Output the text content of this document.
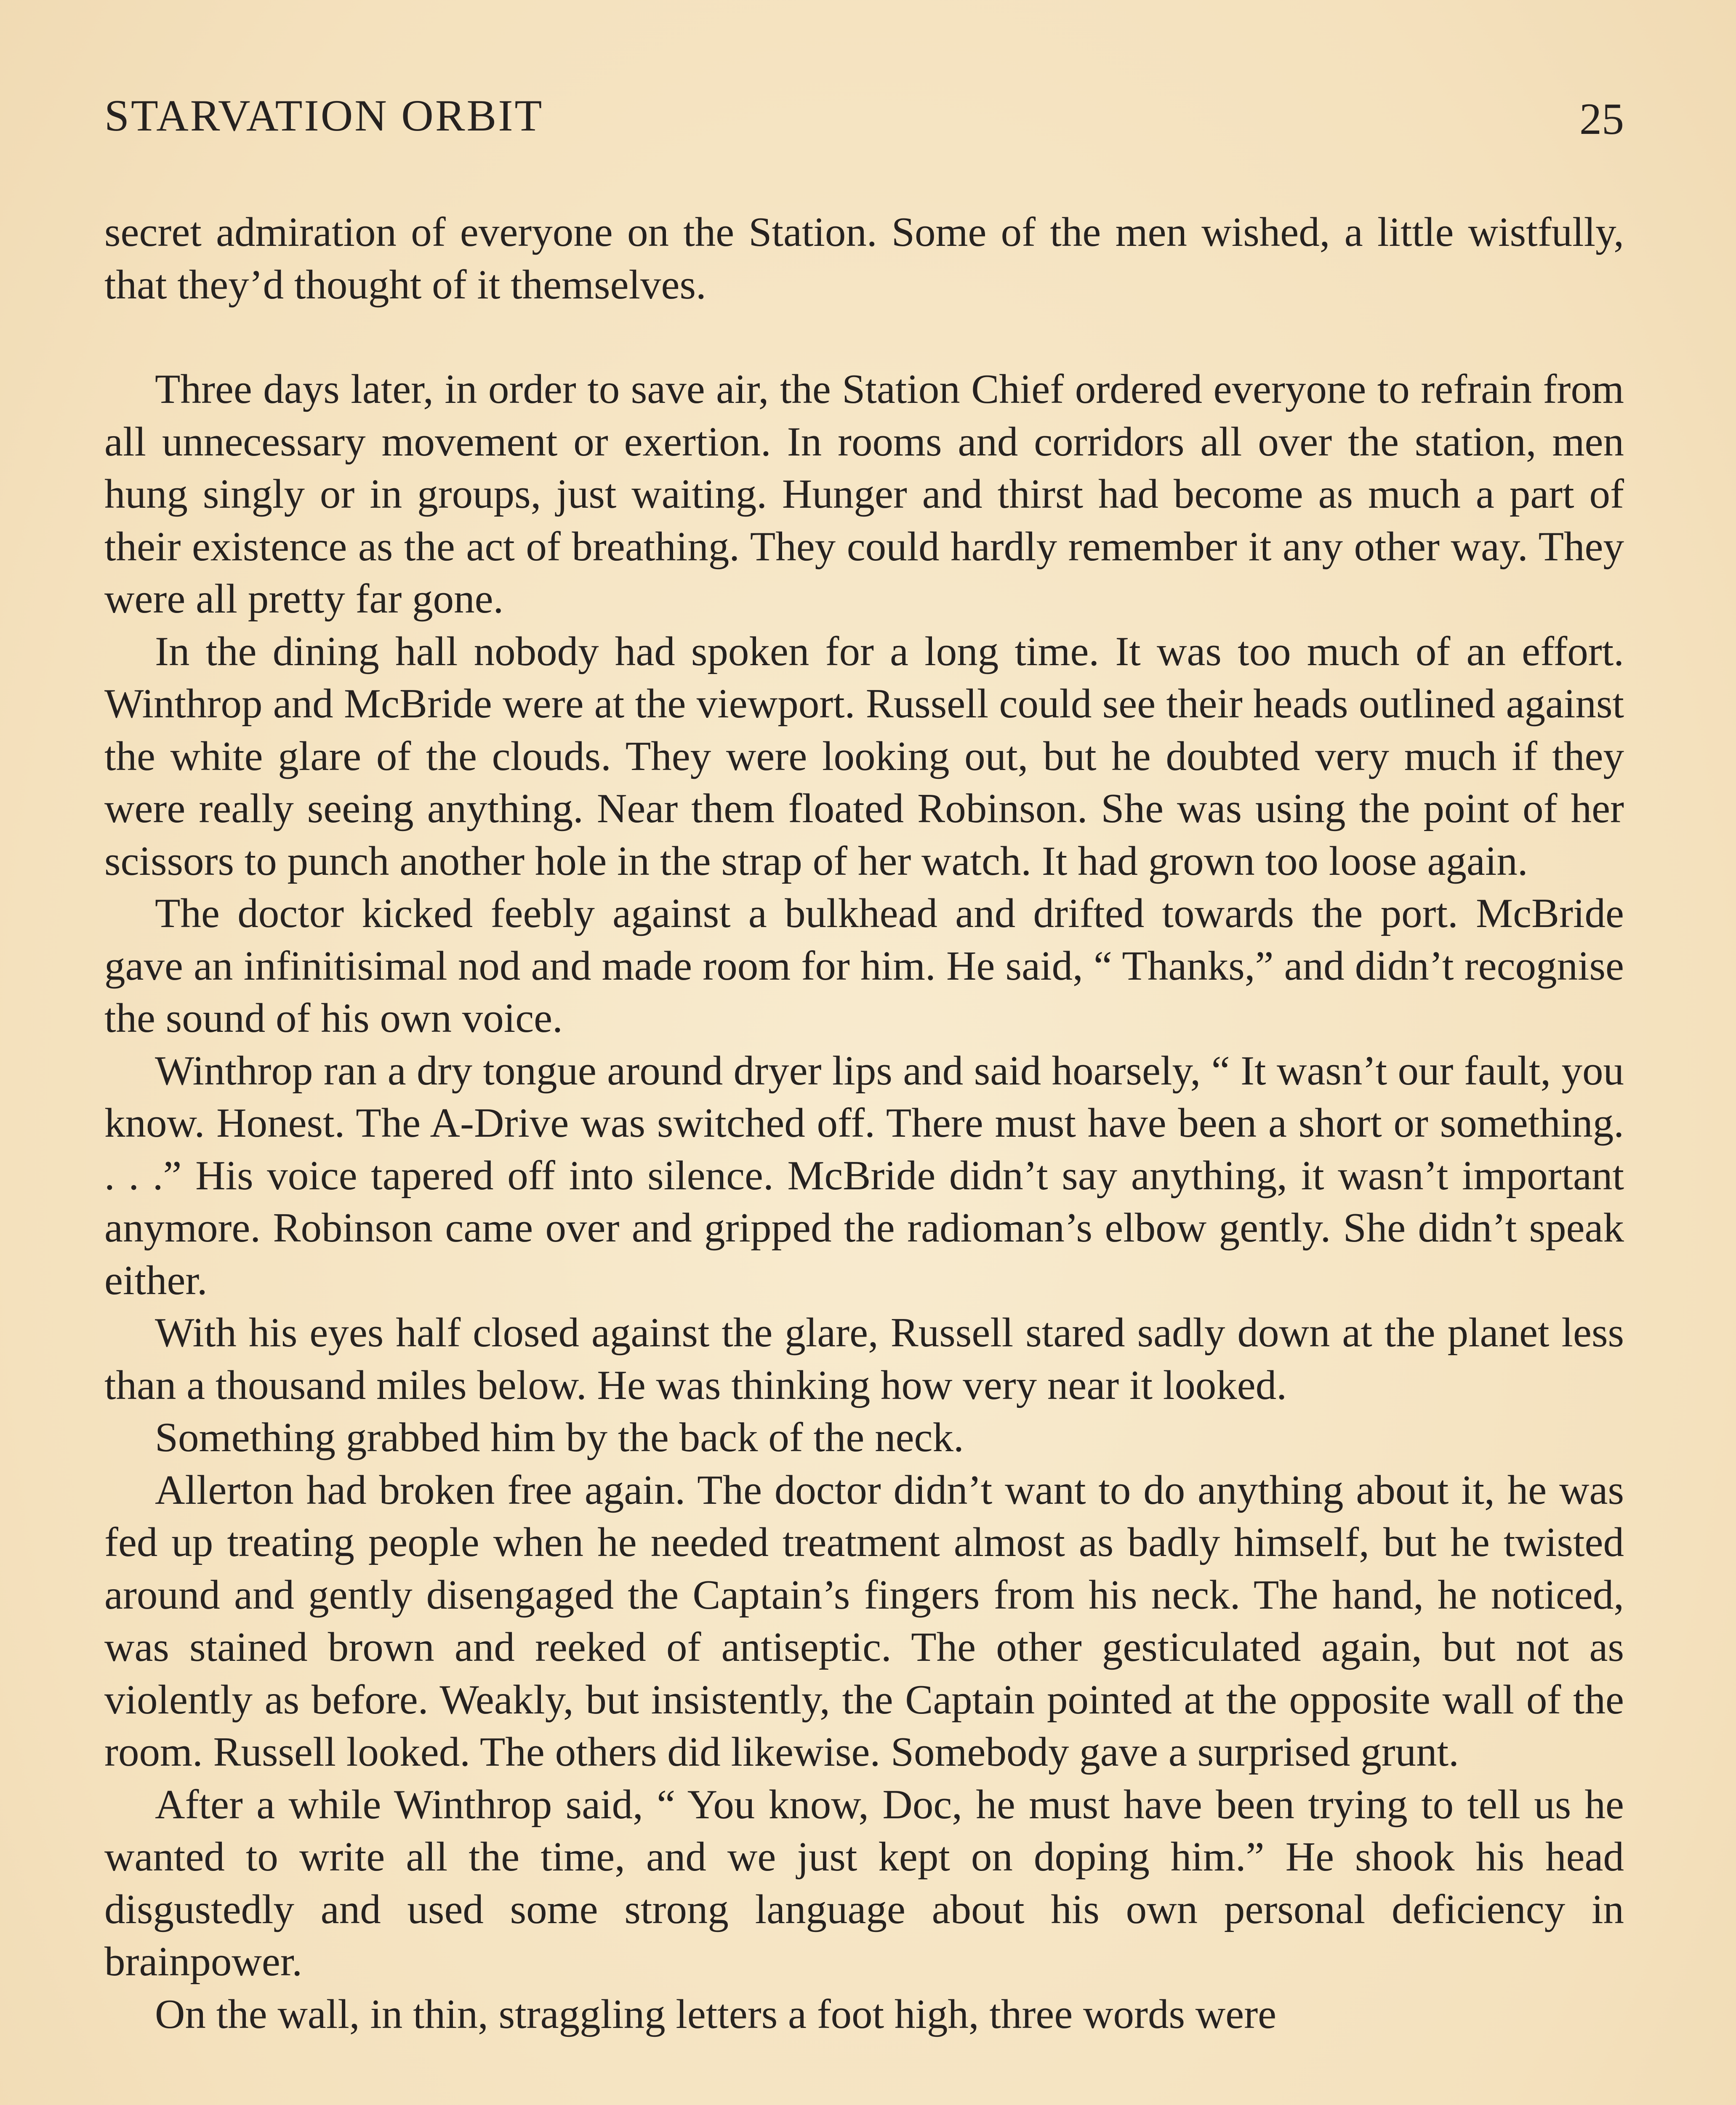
STARVATION ORBIT	25

secret admiration of everyone on the Station. Some of the men wished, a little wistfully, that they’d thought of it themselves.

Three days later, in order to save air, the Station Chief ordered everyone to refrain from all unnecessary movement or exertion. In rooms and corridors all over the station, men hung singly or in groups, just waiting. Hunger and thirst had become as much a part of their existence as the act of breathing. They could hardly remember it any other way. They were all pretty far gone.

In the dining hall nobody had spoken for a long time. It was too much of an effort. Winthrop and McBride were at the viewport. Russell could see their heads outlined against the white glare of the clouds. They were looking out, but he doubted very much if they were really seeing anything. Near them floated Robinson. She was using the point of her scissors to punch another hole in the strap of her watch. It had grown too loose again.

The doctor kicked feebly against a bulkhead and drifted towards the port. McBride gave an infinitisimal nod and made room for him. He said, “ Thanks,” and didn’t recognise the sound of his own voice.

Winthrop ran a dry tongue around dryer lips and said hoarsely, “ It wasn’t our fault, you know. Honest. The A-Drive was switched off. There must have been a short or something. . . .” His voice tapered off into silence. McBride didn’t say anything, it wasn’t important anymore. Robinson came over and gripped the radioman’s elbow gently. She didn’t speak either.

With his eyes half closed against the glare, Russell stared sadly down at the planet less than a thousand miles below. He was thinking how very near it looked.

Something grabbed him by the back of the neck.

Allerton had broken free again. The doctor didn’t want to do anything about it, he was fed up treating people when he needed treatment almost as badly himself, but he twisted around and gently disengaged the Captain’s fingers from his neck. The hand, he noticed, was stained brown and reeked of antiseptic. The other gesticulated again, but not as violently as before. Weakly, but insistently, the Captain pointed at the opposite wall of the room. Russell looked. The others did likewise. Somebody gave a surprised grunt.

After a while Winthrop said, “ You know, Doc, he must have been trying to tell us he wanted to write all the time, and we just kept on doping him.” He shook his head disgustedly and used some strong language about his own personal deficiency in brainpower.

On the wall, in thin, straggling letters a foot high, three words were
